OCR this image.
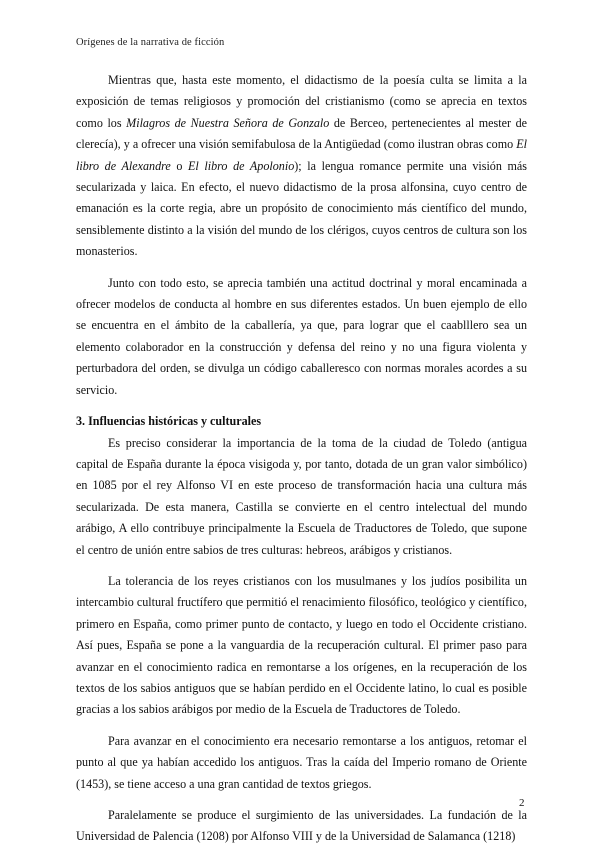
Orígenes de la narrativa de ficción

Mientras que, hasta este momento, el didactismo de la poesía culta se limita a la exposición de temas religiosos y promoción del cristianismo (como se aprecia en textos como los Milagros de Nuestra Señora de Gonzalo de Berceo, pertenecientes al mester de clerecía), y a ofrecer una visión semifabulosa de la Antigüedad (como ilustran obras como El libro de Alexandre o El libro de Apolonio); la lengua romance permite una visión más secularizada y laica. En efecto, el nuevo didactismo de la prosa alfonsina, cuyo centro de emanación es la corte regia, abre un propósito de conocimiento más científico del mundo, sensiblemente distinto a la visión del mundo de los clérigos, cuyos centros de cultura son los monasterios.

Junto con todo esto, se aprecia también una actitud doctrinal y moral encaminada a ofrecer modelos de conducta al hombre en sus diferentes estados. Un buen ejemplo de ello se encuentra en el ámbito de la caballería, ya que, para lograr que el caablllero sea un elemento colaborador en la construcción y defensa del reino y no una figura violenta y perturbadora del orden, se divulga un código caballeresco con normas morales acordes a su servicio.

3. Influencias históricas y culturales

Es preciso considerar la importancia de la toma de la ciudad de Toledo (antigua capital de España durante la época visigoda y, por tanto, dotada de un gran valor simbólico) en 1085 por el rey Alfonso VI en este proceso de transformación hacia una cultura más secularizada. De esta manera, Castilla se convierte en el centro intelectual del mundo arábigo, A ello contribuye principalmente la Escuela de Traductores de Toledo, que supone el centro de unión entre sabios de tres culturas: hebreos, arábigos y cristianos.

La tolerancia de los reyes cristianos con los musulmanes y los judíos posibilita un intercambio cultural fructífero que permitió el renacimiento filosófico, teológico y científico, primero en España, como primer punto de contacto, y luego en todo el Occidente cristiano. Así pues, España se pone a la vanguardia de la recuperación cultural. El primer paso para avanzar en el conocimiento radica en remontarse a los orígenes, en la recuperación de los textos de los sabios antiguos que se habían perdido en el Occidente latino, lo cual es posible gracias a los sabios arábigos por medio de la Escuela de Traductores de Toledo.

Para avanzar en el conocimiento era necesario remontarse a los antiguos, retomar el punto al que ya habían accedido los antiguos. Tras la caída del Imperio romano de Oriente (1453), se tiene acceso a una gran cantidad de textos griegos.

Paralelamente se produce el surgimiento de las universidades. La fundación de la Universidad de Palencia (1208) por Alfonso VIII y de la Universidad de Salamanca (1218)

2
